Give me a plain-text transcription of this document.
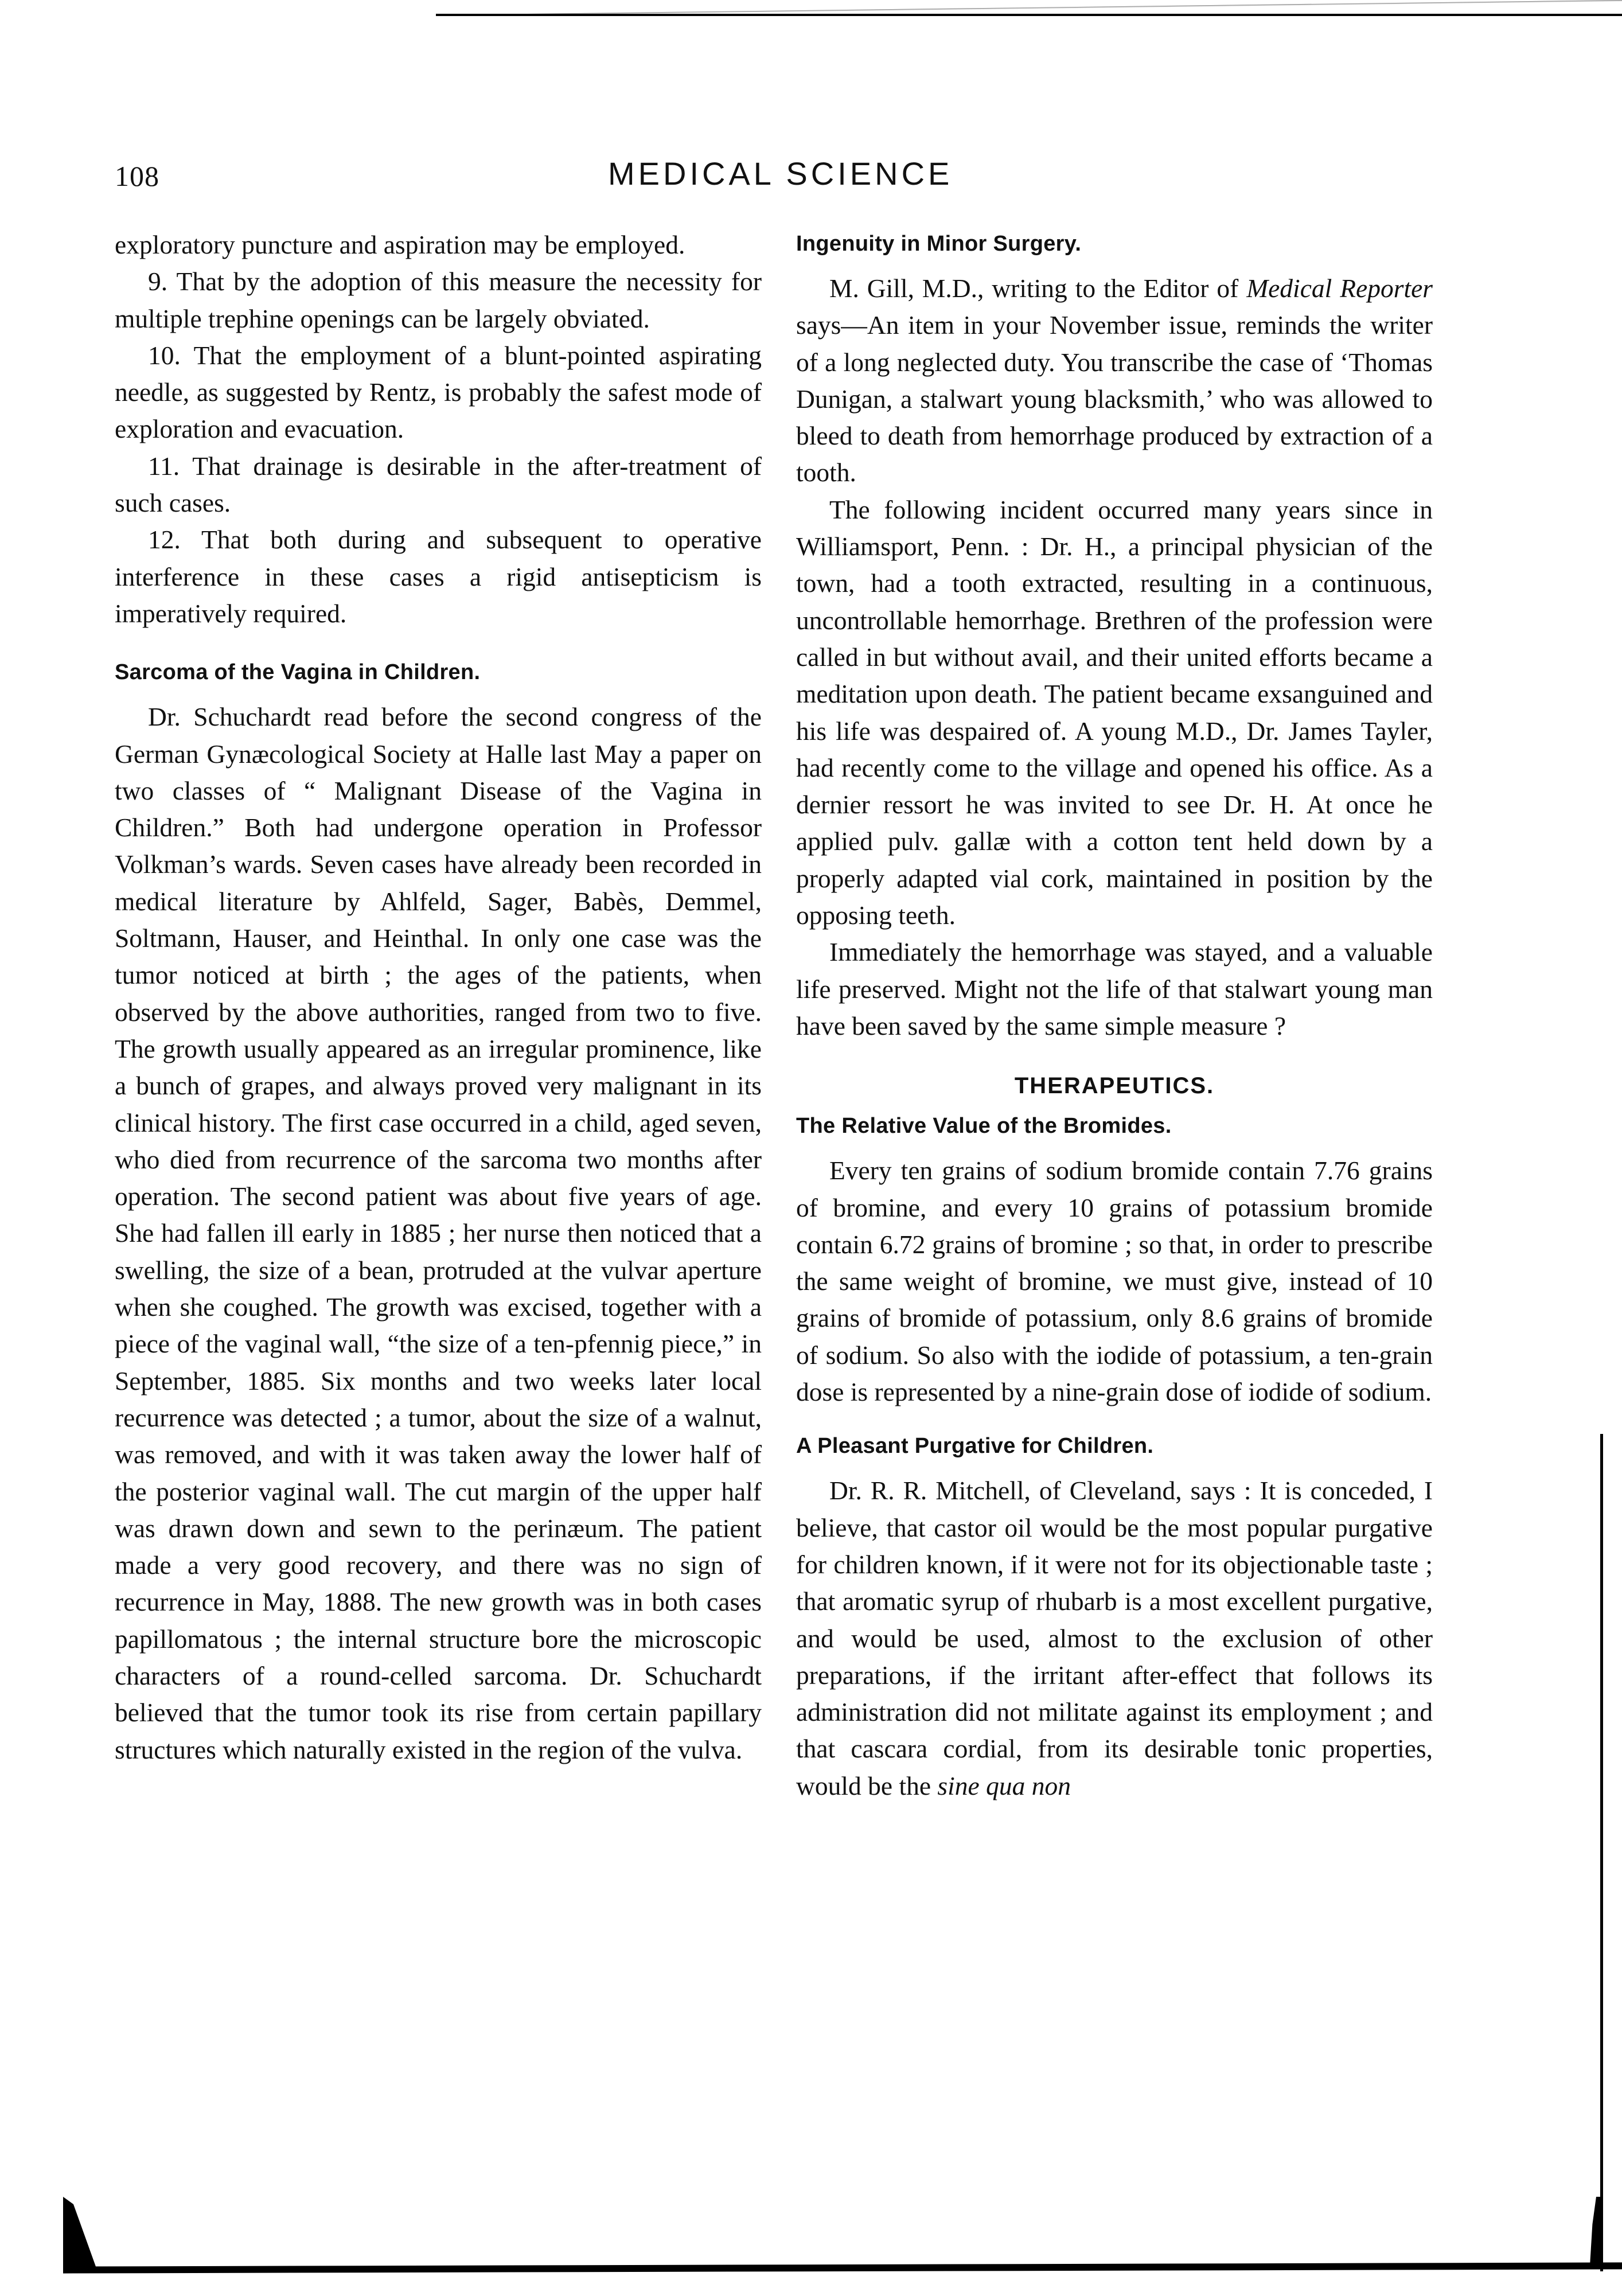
108	MEDICAL SCIENCE

exploratory puncture and aspiration may be employed.

9. That by the adoption of this measure the necessity for multiple trephine openings can be largely obviated.

10. That the employment of a blunt-pointed aspirating needle, as suggested by Rentz, is probably the safest mode of exploration and evacuation.

11. That drainage is desirable in the after-treatment of such cases.

12. That both during and subsequent to operative interference in these cases a rigid antisepticism is imperatively required.

Sarcoma of the Vagina in Children.

Dr. Schuchardt read before the second congress of the German Gynæcological Society at Halle last May a paper on two classes of “ Malignant Disease of the Vagina in Children.” Both had undergone operation in Professor Volkman’s wards. Seven cases have already been recorded in medical literature by Ahlfeld, Sager, Babès, Demmel, Soltmann, Hauser, and Heinthal. In only one case was the tumor noticed at birth ; the ages of the patients, when observed by the above authorities, ranged from two to five. The growth usually appeared as an irregular prominence, like a bunch of grapes, and always proved very malignant in its clinical history. The first case occurred in a child, aged seven, who died from recurrence of the sarcoma two months after operation. The second patient was about five years of age. She had fallen ill early in 1885 ; her nurse then noticed that a swelling, the size of a bean, protruded at the vulvar aperture when she coughed. The growth was excised, together with a piece of the vaginal wall, “the size of a ten-pfennig piece,” in September, 1885. Six months and two weeks later local recurrence was detected ; a tumor, about the size of a walnut, was removed, and with it was taken away the lower half of the posterior vaginal wall. The cut margin of the upper half was drawn down and sewn to the perinæum. The patient made a very good recovery, and there was no sign of recurrence in May, 1888. The new growth was in both cases papillomatous ; the internal structure bore the microscopic characters of a round-celled sarcoma. Dr. Schuchardt believed that the tumor took its rise from certain papillary structures which naturally existed in the region of the vulva.

Ingenuity in Minor Surgery.

M. Gill, M.D., writing to the Editor of Medical Reporter says—An item in your November issue, reminds the writer of a long neglected duty. You transcribe the case of ‘Thomas Dunigan, a stalwart young blacksmith,’ who was allowed to bleed to death from hemorrhage produced by extraction of a tooth.

The following incident occurred many years since in Williamsport, Penn. : Dr. H., a principal physician of the town, had a tooth extracted, resulting in a continuous, uncontrollable hemorrhage. Brethren of the profession were called in but without avail, and their united efforts became a meditation upon death. The patient became exsanguined and his life was despaired of. A young M.D., Dr. James Tayler, had recently come to the village and opened his office. As a dernier ressort he was invited to see Dr. H. At once he applied pulv. gallæ with a cotton tent held down by a properly adapted vial cork, maintained in position by the opposing teeth.

Immediately the hemorrhage was stayed, and a valuable life preserved. Might not the life of that stalwart young man have been saved by the same simple measure ?

THERAPEUTICS.
The Relative Value of the Bromides.

Every ten grains of sodium bromide contain 7.76 grains of bromine, and every 10 grains of potassium bromide contain 6.72 grains of bromine ; so that, in order to prescribe the same weight of bromine, we must give, instead of 10 grains of bromide of potassium, only 8.6 grains of bromide of sodium. So also with the iodide of potassium, a ten-grain dose is represented by a nine-grain dose of iodide of sodium.

A Pleasant Purgative for Children.

Dr. R. R. Mitchell, of Cleveland, says : It is conceded, I believe, that castor oil would be the most popular purgative for children known, if it were not for its objectionable taste ; that aromatic syrup of rhubarb is a most excellent purgative, and would be used, almost to the exclusion of other preparations, if the irritant after-effect that follows its administration did not militate against its employment ; and that cascara cordial, from its desirable tonic properties, would be the sine qua non
